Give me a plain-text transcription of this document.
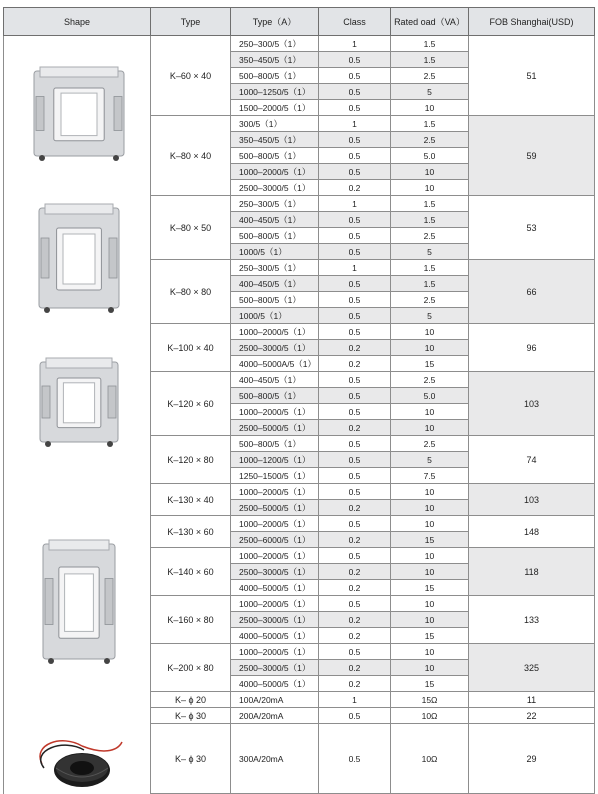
Shape	Type	Type（A）	Class	Rated oad（VA）	FOB Shanghai(USD)

	K–60 × 40	250–300/5（1）	1	1.5	51
		350–450/5（1）	0.5	1.5	
		500–800/5（1）	0.5	2.5	
		1000–1250/5（1）	0.5	5	
		1500–2000/5（1）	0.5	10	
	K–80 × 40	300/5（1）	1	1.5	59
		350–450/5（1）	0.5	2.5	
		500–800/5（1）	0.5	5.0	
		1000–2000/5（1）	0.5	10	
		2500–3000/5（1）	0.2	10	

	K–80 × 50	250–300/5（1）	1	1.5	53
		400–450/5（1）	0.5	1.5	
		500–800/5（1）	0.5	2.5	
		1000/5（1）	0.5	5	
	K–80 × 80	250–300/5（1）	1	1.5	66
		400–450/5（1）	0.5	1.5	
		500–800/5（1）	0.5	2.5	
		1000/5（1）	0.5	5	

	K–100 × 40	1000–2000/5（1）	0.5	10	96
		2500–3000/5（1）	0.2	10	
		4000–5000A/5（1）	0.2	15	
	K–120 × 60	400–450/5（1）	0.5	2.5	103
		500–800/5（1）	0.5	5.0	
		1000–2000/5（1）	0.5	10	
		2500–5000/5（1）	0.2	10	
	K–120 × 80	500–800/5（1）	0.5	2.5	74
		1000–1200/5（1）	0.5	5	
		1250–1500/5（1）	0.5	7.5	

	K–130 × 40	1000–2000/5（1）	0.5	10	103
		2500–5000/5（1）	0.2	10	
	K–130 × 60	1000–2000/5（1）	0.5	10	148
		2500–6000/5（1）	0.2	15	
	K–140 × 60	1000–2000/5（1）	0.5	10	118
		2500–3000/5（1）	0.2	10	
		4000–5000/5（1）	0.2	15	
	K–160 × 80	1000–2000/5（1）	0.5	10	133
		2500–3000/5（1）	0.2	10	
		4000–5000/5（1）	0.2	15	
	K–200 × 80	1000–2000/5（1）	0.5	10	325
		2500–3000/5（1）	0.2	10	
		4000–5000/5（1）	0.2	15	
	K– ϕ 20	100A/20mA	1	15Ω	11
	K– ϕ 30	200A/20mA	0.5	10Ω	22

	K– ϕ 30	300A/20mA	0.5	10Ω	29
